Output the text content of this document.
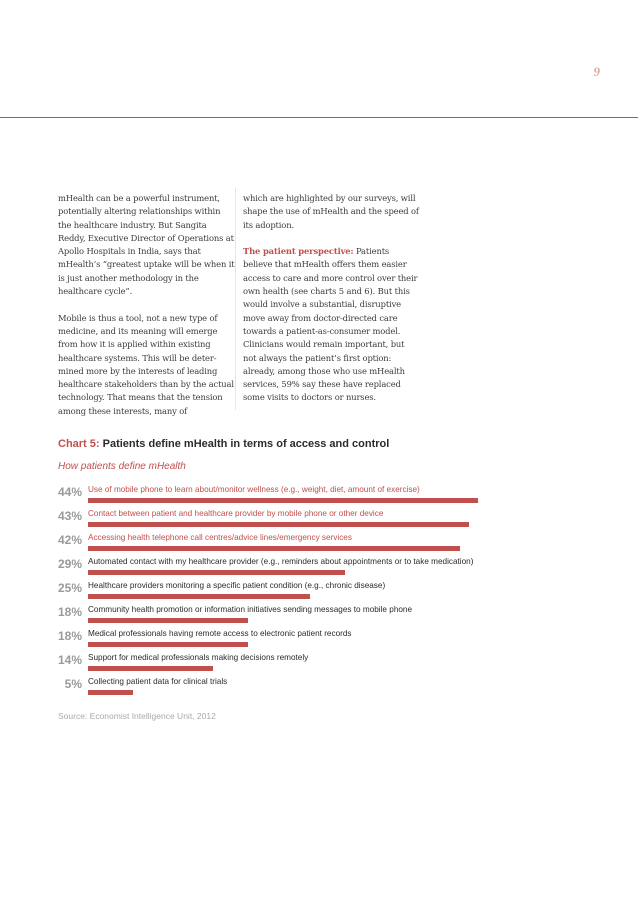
9

mHealth can be a powerful instrument, potentially altering relationships within the healthcare industry. But Sangita Reddy, Executive Director of Operations at Apollo Hospitals in India, says that mHealth’s “greatest uptake will be when it is just another methodology in the healthcare cycle”.

Mobile is thus a tool, not a new type of medicine, and its meaning will emerge from how it is applied within existing healthcare systems. This will be deter-mined more by the interests of leading healthcare stakeholders than by the actual technology. That means that the tension among these interests, many of

which are highlighted by our surveys, will shape the use of mHealth and the speed of its adoption.

The patient perspective: Patients believe that mHealth offers them easier access to care and more control over their own health (see charts 5 and 6). But this would involve a substantial, disruptive move away from doctor-directed care towards a patient-as-consumer model. Clinicians would remain important, but not always the patient’s first option: already, among those who use mHealth services, 59% say these have replaced some visits to doctors or nurses.

Chart 5: Patients define mHealth in terms of access and control
How patients define mHealth
44% Use of mobile phone to learn about/monitor wellness (e.g., weight, diet, amount of exercise)
43% Contact between patient and healthcare provider by mobile phone or other device
42% Accessing health telephone call centres/advice lines/emergency services
29% Automated contact with my healthcare provider (e.g., reminders about appointments or to take medication)
25% Healthcare providers monitoring a specific patient condition (e.g., chronic disease)
18% Community health promotion or information initiatives sending messages to mobile phone
18% Medical professionals having remote access to electronic patient records
14% Support for medical professionals making decisions remotely
5% Collecting patient data for clinical trials
Source: Economist Intelligence Unit, 2012
